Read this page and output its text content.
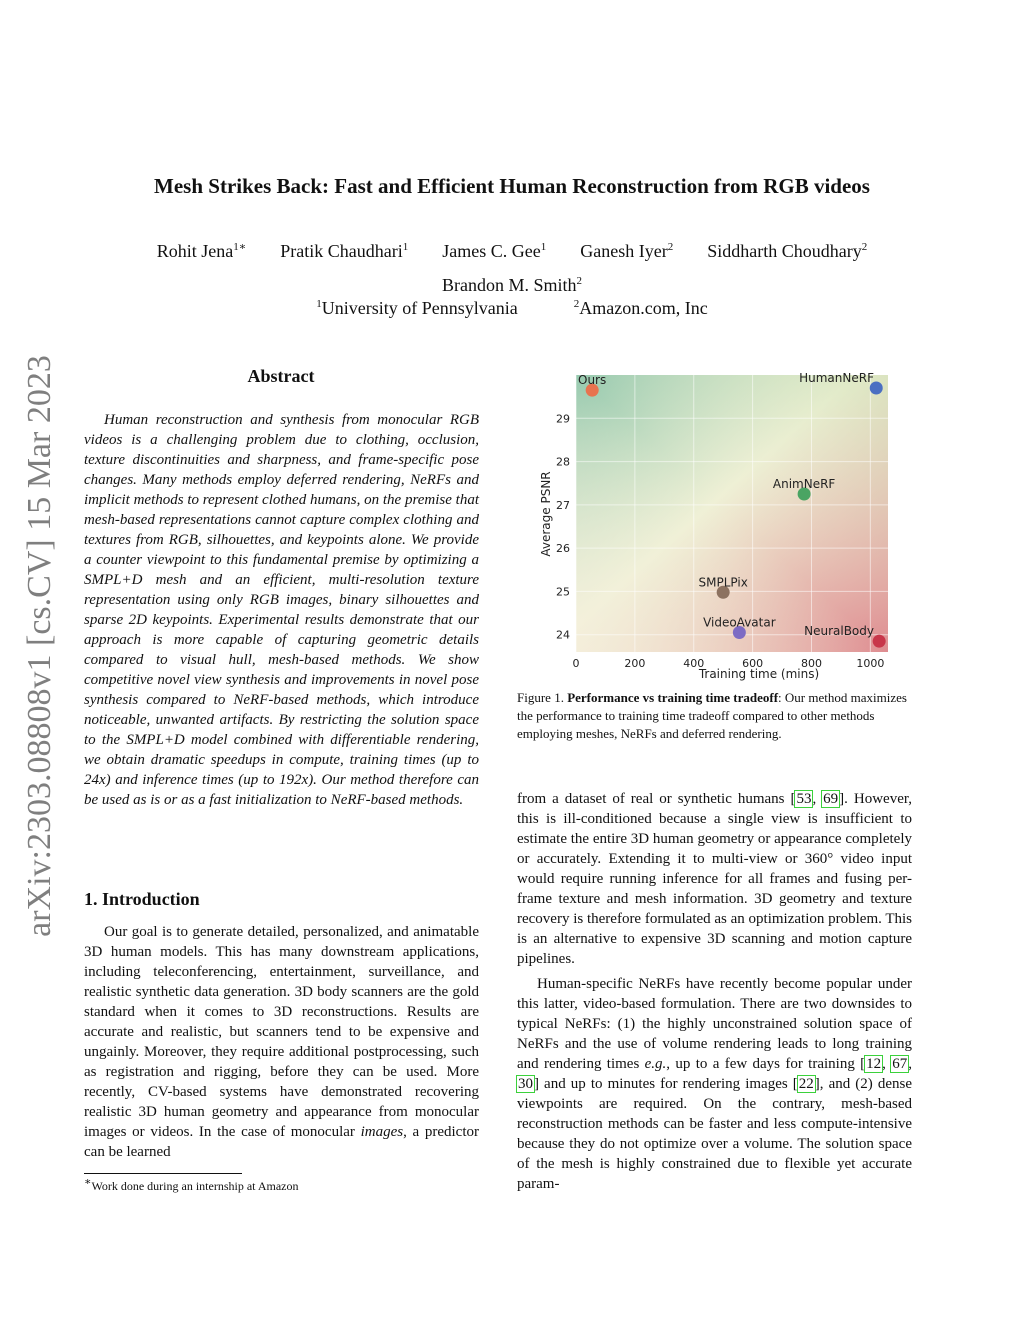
Mesh Strikes Back: Fast and Efficient Human Reconstruction from RGB videos
Rohit Jena$^{1∗}$ Pratik Chaudhari$^1$ James C. Gee$^1$ Ganesh Iyer$^2$ Siddharth Choudhary$^2$
Brandon M. Smith$^2$
$^1$University of Pennsylvania	$^2$Amazon.com, Inc
arXiv:2303.08808v1 [cs.CV] 15 Mar 2023	Abstract
Human reconstruction and synthesis from monocular RGB videos is a challenging problem due to clothing, occlusion, texture discontinuities and sharpness, and frame-specific pose changes. Many methods employ deferred rendering, NeRFs and implicit methods to represent clothed humans, on the premise that mesh-based representations cannot capture complex clothing and textures from RGB, silhouettes, and keypoints alone. We provide a counter viewpoint to this fundamental premise by optimizing a SMPL+D mesh and an efficient, multi-resolution texture representation using only RGB images, binary silhouettes and sparse 2D keypoints. Experimental results demonstrate that our approach is more capable of capturing geometric details compared to visual hull, mesh-based methods. We show competitive novel view synthesis and improvements in novel pose synthesis compared to NeRF-based methods, which introduce noticeable, unwanted artifacts. By restricting the solution space to the SMPL+D model combined with differentiable rendering, we obtain dramatic speedups in compute, training times (up to 24x) and inference times (up to 192x). Our method therefore can be used as is or as a fast initialization to NeRF-based methods.
1. Introduction
Our goal is to generate detailed, personalized, and animatable 3D human models. This has many downstream applications, including teleconferencing, entertainment, surveillance, and realistic synthetic data generation. 3D body scanners are the gold standard when it comes to 3D reconstructions. Results are accurate and realistic, but scanners tend to be expensive and ungainly. Moreover, they require additional postprocessing, such as registration and rigging, before they can be used. More recently, CV-based systems have demonstrated recovering realistic 3D human geometry and appearance from monocular images or videos. In the case of monocular images, a predictor can be learned
∗Work done during an internship at Amazon
0	200	400	600	800	1000
24
25
26
27
28
29
Training time (mins)
Average PSNR
Ours	HumanNeRF
AnimNeRF
SMPLPix
VideoAvatar
NeuralBody
Figure 1. Performance vs training time tradeoff: Our method maximizes the performance to training time tradeoff compared to other methods employing meshes, NeRFs and deferred rendering.
from a dataset of real or synthetic humans [53, 69]. However, this is ill-conditioned because a single view is insufficient to estimate the entire 3D human geometry or appearance completely or accurately. Extending it to multi-view or 360° video input would require running inference for all frames and fusing per-frame texture and mesh information. 3D geometry and texture recovery is therefore formulated as an optimization problem. This is an alternative to expensive 3D scanning and motion capture pipelines.
Human-specific NeRFs have recently become popular under this latter, video-based formulation. There are two downsides to typical NeRFs: (1) the highly unconstrained solution space of NeRFs and the use of volume rendering leads to long training and rendering times e.g., up to a few days for training [12, 67, 30] and up to minutes for rendering images [22], and (2) dense viewpoints are required. On the contrary, mesh-based reconstruction methods can be faster and less compute-intensive because they do not optimize over a volume. The solution space of the mesh is highly constrained due to flexible yet accurate param-
